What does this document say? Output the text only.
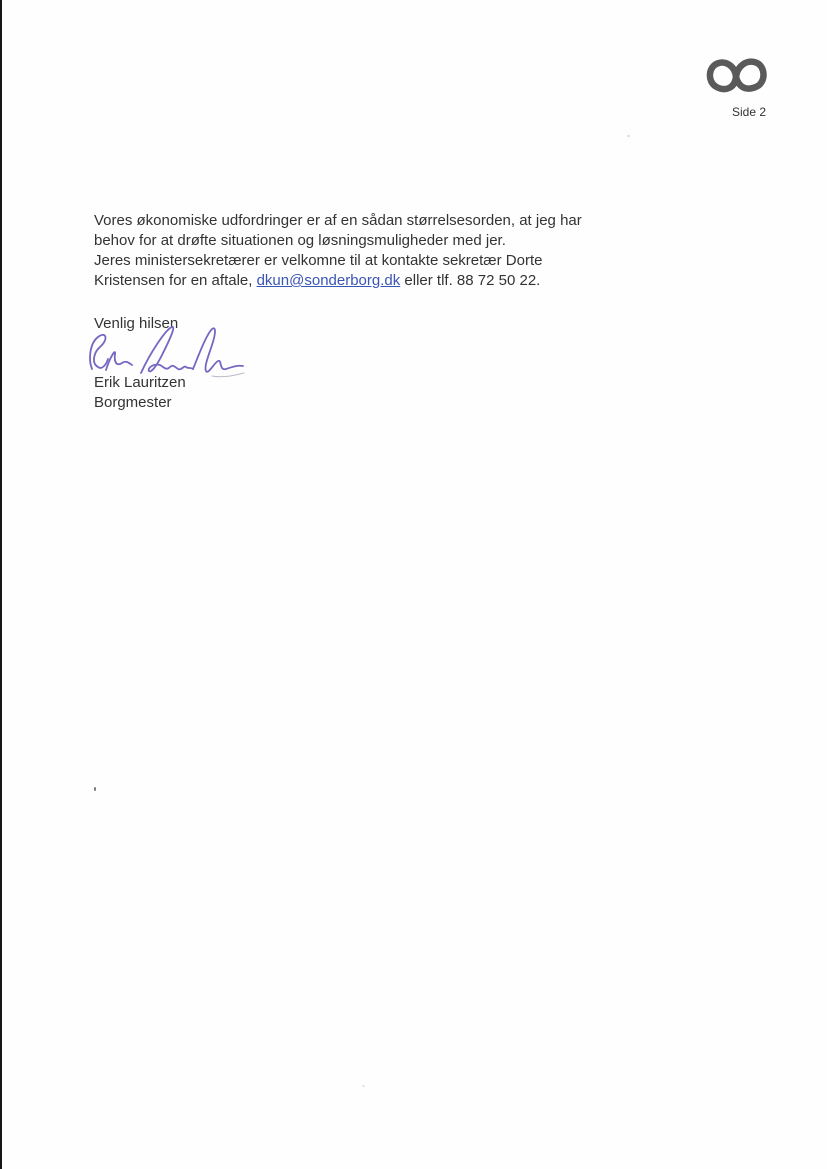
Side 2
Vores økonomiske udfordringer er af en sådan størrelsesorden, at jeg har
behov for at drøfte situationen og løsningsmuligheder med jer.
Jeres ministersekretærer er velkomne til at kontakte sekretær Dorte
Kristensen for en aftale, dkun@sonderborg.dk eller tlf. 88 72 50 22.
Venlig hilsen
Erik Lauritzen
Borgmester
